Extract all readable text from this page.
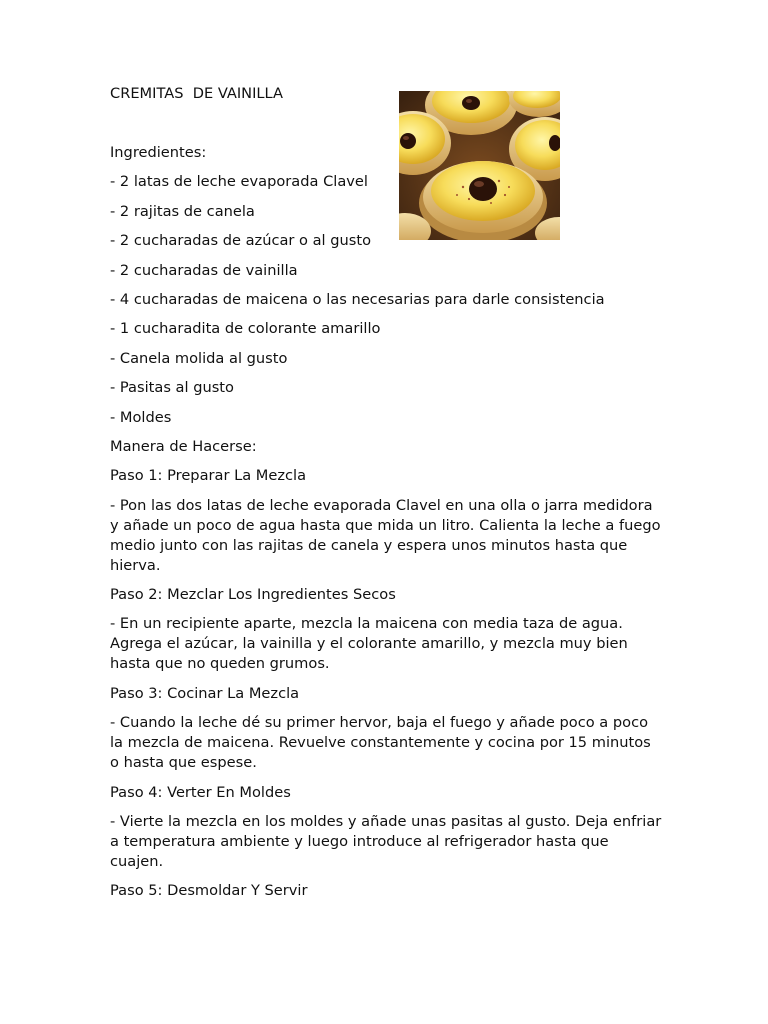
CREMITAS  DE VAINILLA

Ingredientes:

- 2 latas de leche evaporada Clavel

- 2 rajitas de canela

- 2 cucharadas de azúcar o al gusto

- 2 cucharadas de vainilla

- 4 cucharadas de maicena o las necesarias para darle consistencia

- 1 cucharadita de colorante amarillo

- Canela molida al gusto

- Pasitas al gusto

- Moldes

Manera de Hacerse:

Paso 1: Preparar La Mezcla

- Pon las dos latas de leche evaporada Clavel en una olla o jarra medidora y añade un poco de agua hasta que mida un litro. Calienta la leche a fuego medio junto con las rajitas de canela y espera unos minutos hasta que hierva.

Paso 2: Mezclar Los Ingredientes Secos

- En un recipiente aparte, mezcla la maicena con media taza de agua. Agrega el azúcar, la vainilla y el colorante amarillo, y mezcla muy bien hasta que no queden grumos.

Paso 3: Cocinar La Mezcla

- Cuando la leche dé su primer hervor, baja el fuego y añade poco a poco la mezcla de maicena. Revuelve constantemente y cocina por 15 minutos o hasta que espese.

Paso 4: Verter En Moldes

- Vierte la mezcla en los moldes y añade unas pasitas al gusto. Deja enfriar a temperatura ambiente y luego introduce al refrigerador hasta que cuajen.

Paso 5: Desmoldar Y Servir
